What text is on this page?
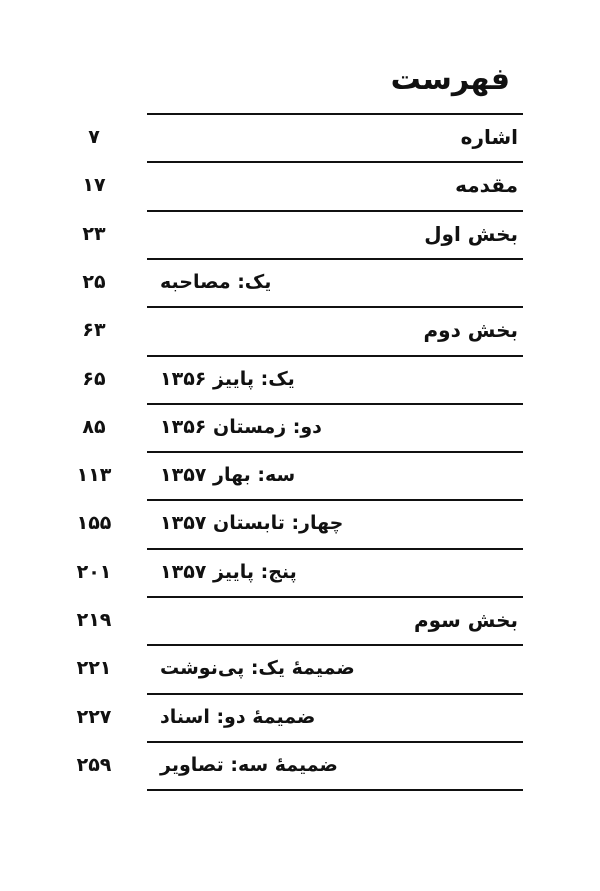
فهرست
اشاره
۷
مقدمه
۱۷
بخش اول
۲۳
یک: مصاحبه
۲۵
بخش دوم
۶۳
یک: پاییز ۱۳۵۶
۶۵
دو: زمستان ۱۳۵۶
۸۵
سه: بهار ۱۳۵۷
۱۱۳
چهار: تابستان ۱۳۵۷
۱۵۵
پنج: پاییز ۱۳۵۷
۲۰۱
بخش سوم
۲۱۹
ضمیمهٔ یک: پی‌نوشت
۲۲۱
ضمیمهٔ دو: اسناد
۲۲۷
ضمیمهٔ سه: تصاویر
۲۵۹
